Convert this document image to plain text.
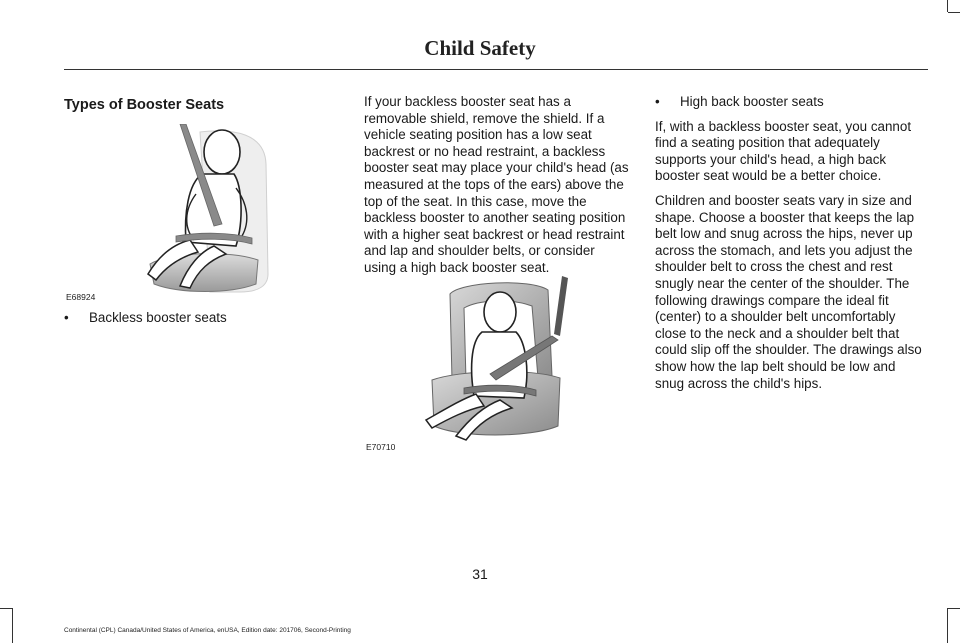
Child Safety
Types of Booster Seats
E68924
•	Backless booster seats

If your backless booster seat has a removable shield, remove the shield. If a vehicle seating position has a low seat backrest or no head restraint, a backless booster seat may place your child's head (as measured at the tops of the ears) above the top of the seat. In this case, move the backless booster to another seating position with a higher seat backrest or head restraint and lap and shoulder belts, or consider using a high back booster seat.

E70710
•	High back booster seats

If, with a backless booster seat, you cannot find a seating position that adequately supports your child's head, a high back booster seat would be a better choice.

Children and booster seats vary in size and shape. Choose a booster that keeps the lap belt low and snug across the hips, never up across the stomach, and lets you adjust the shoulder belt to cross the chest and rest snugly near the center of the shoulder. The following drawings compare the ideal fit (center) to a shoulder belt uncomfortably close to the neck and a shoulder belt that could slip off the shoulder. The drawings also show how the lap belt should be low and snug across the child's hips.

31
Continental (CPL) Canada/United States of America, enUSA, Edition date: 201706, Second-Printing
